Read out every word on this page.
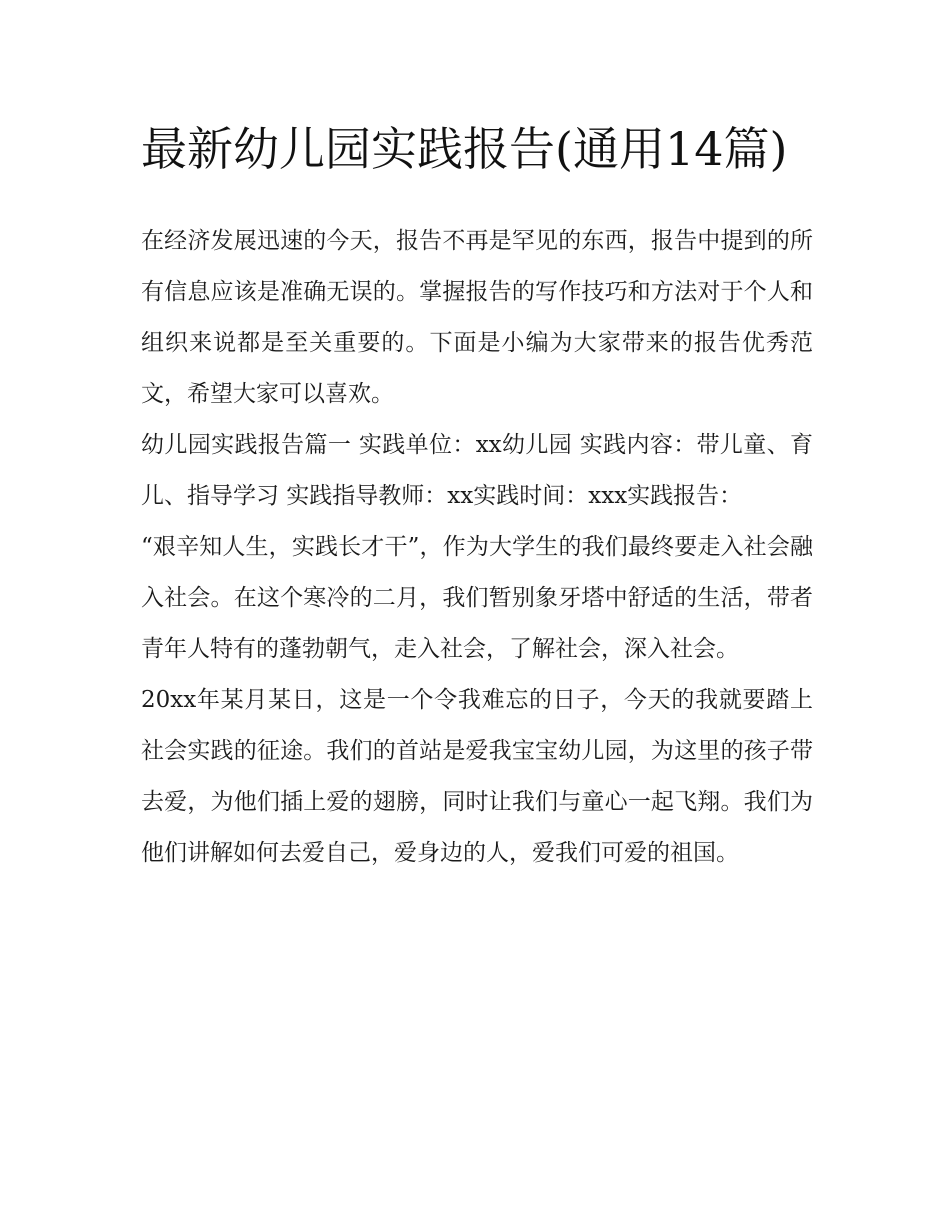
最新幼儿园实践报告(通用14篇)

在经济发展迅速的今天，报告不再是罕见的东西，报告中提到的所有信息应该是准确无误的。掌握报告的写作技巧和方法对于个人和组织来说都是至关重要的。下面是小编为大家带来的报告优秀范文，希望大家可以喜欢。

幼儿园实践报告篇一 实践单位：xx幼儿园 实践内容：带儿童、育儿、指导学习 实践指导教师：xx实践时间：xxx实践报告：

“艰辛知人生，实践长才干”，作为大学生的我们最终要走入社会融入社会。在这个寒冷的二月，我们暂别象牙塔中舒适的生活，带者青年人特有的蓬勃朝气，走入社会，了解社会，深入社会。

20xx年某月某日，这是一个令我难忘的日子，今天的我就要踏上社会实践的征途。我们的首站是爱我宝宝幼儿园，为这里的孩子带去爱，为他们插上爱的翅膀，同时让我们与童心一起飞翔。我们为他们讲解如何去爱自己，爱身边的人，爱我们可爱的祖国。
